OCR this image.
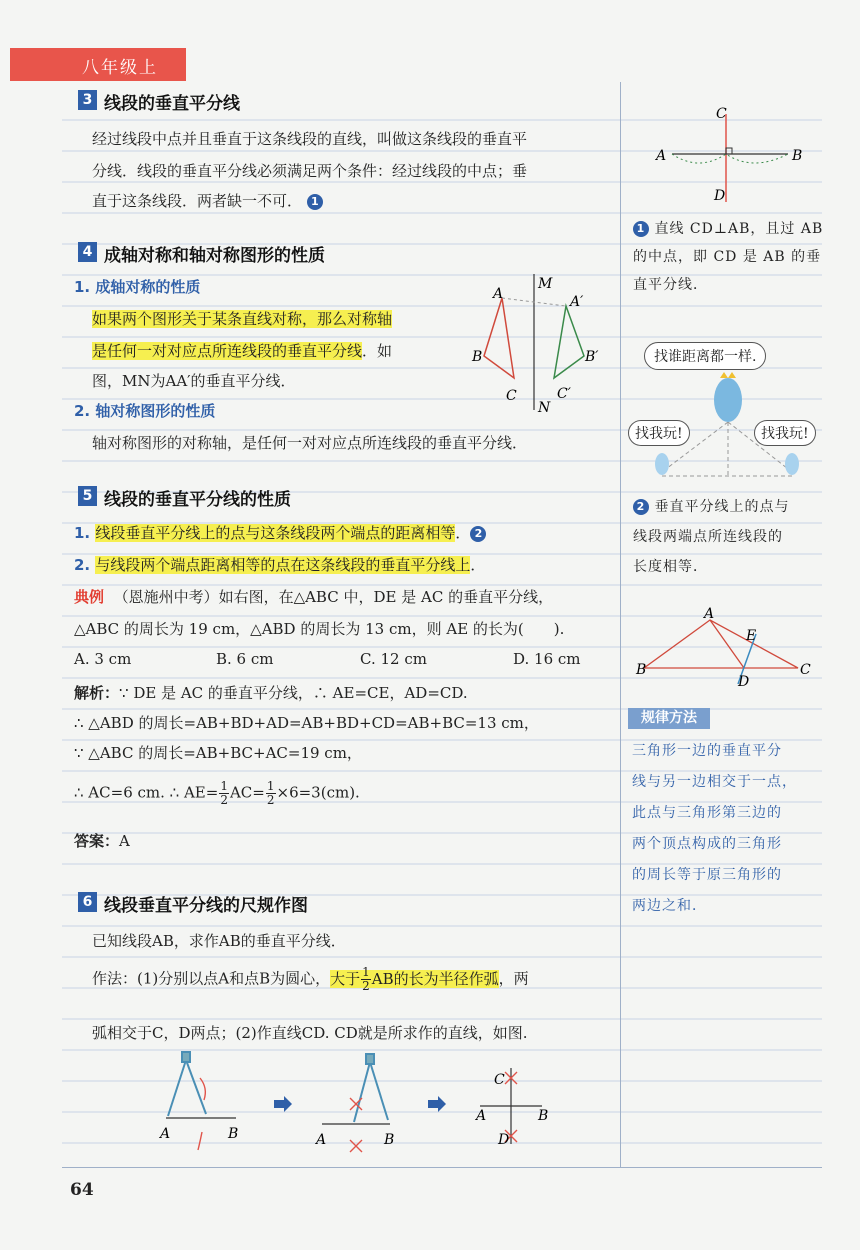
八年级上
3 线段的垂直平分线
经过线段中点并且垂直于这条线段的直线，叫做这条线段的垂直平
分线．线段的垂直平分线必须满足两个条件：经过线段的中点；垂
直于这条线段．两者缺一不可． 1
4 成轴对称和轴对称图形的性质
1. 成轴对称的性质
如果两个图形关于某条直线对称，那么对称轴
是任何一对对应点所连线段的垂直平分线．如
图，MN为AA′的垂直平分线．
2. 轴对称图形的性质
轴对称图形的对称轴，是任何一对对应点所连线段的垂直平分线．
A
B
C
M
N
A′
B′
C′
5 线段的垂直平分线的性质
1. 线段垂直平分线上的点与这条线段两个端点的距离相等． 2
2. 与线段两个端点距离相等的点在这条线段的垂直平分线上．
典例 （恩施州中考）如右图，在△ABC 中，DE 是 AC 的垂直平分线，
△ABC 的周长为 19 cm，△ABD 的周长为 13 cm，则 AE 的长为(　　).
A. 3 cm	B. 6 cm	C. 12 cm	D. 16 cm
解析：∵ DE 是 AC 的垂直平分线，∴ AE=CE，AD=CD.
∴ △ABD 的周长=AB+BD+AD=AB+BD+CD=AB+BC=13 cm，
∵ △ABC 的周长=AB+BC+AC=19 cm，
∴ AC=6 cm. ∴ $AE= \frac{1}{2} AC= \frac{1}{2} \times 6=3(cm)$.
答案：A
6 线段垂直平分线的尺规作图
已知线段AB，求作AB的垂直平分线．
作法：(1)分别以点A和点B为圆心，大于 $\frac{1}{2}$ AB的长为半径作弧，两
弧相交于C，D两点；(2)作直线CD. CD就是所求作的直线，如图.
A	B	A	B
C
A	B
D
C
A	B
D
1 直线 CD⊥AB，且过 AB
的中点，即 CD 是 AB 的垂
直平分线．
找谁距离都一样.
找我玩!	找我玩!
2 垂直平分线上的点与
线段两端点所连线段的
长度相等．
A
B	C
D
E
规律方法
三角形一边的垂直平分
线与另一边相交于一点，
此点与三角形第三边的
两个顶点构成的三角形
的周长等于原三角形的
两边之和．
64
